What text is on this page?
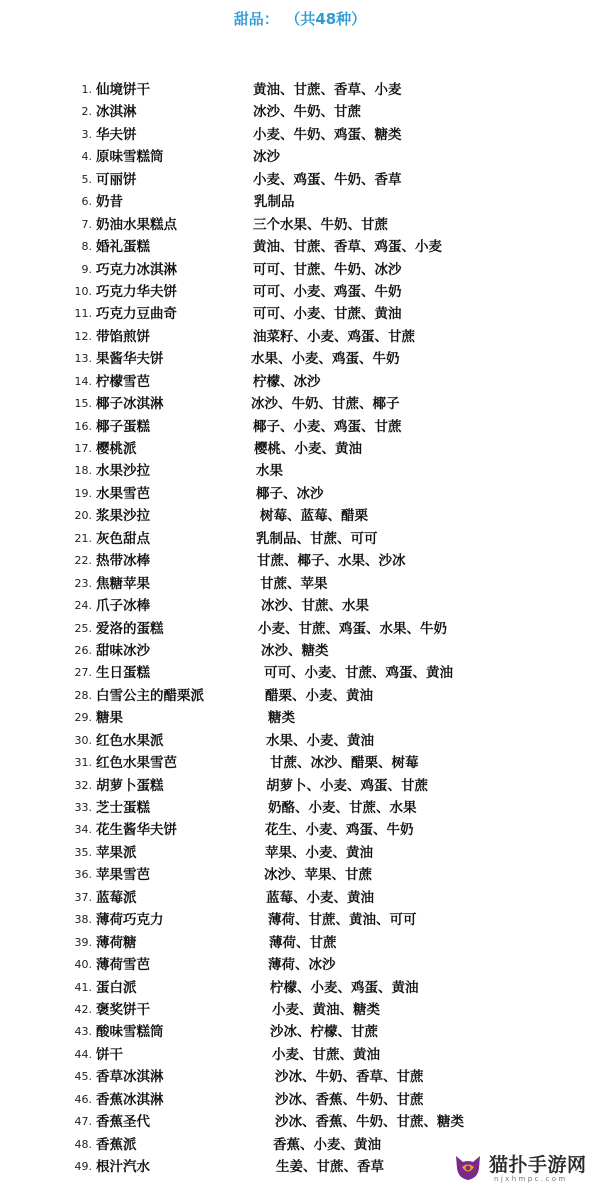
甜品： （共48种）
1. 仙境饼干	黄油、甘蔗、香草、小麦
2. 冰淇淋	冰沙、牛奶、甘蔗
3. 华夫饼	小麦、牛奶、鸡蛋、糖类
4. 原味雪糕筒	冰沙
5. 可丽饼	小麦、鸡蛋、牛奶、香草
6. 奶昔	乳制品
7. 奶油水果糕点	三个水果、牛奶、甘蔗
8. 婚礼蛋糕	黄油、甘蔗、香草、鸡蛋、小麦
9. 巧克力冰淇淋	可可、甘蔗、牛奶、冰沙
10. 巧克力华夫饼	可可、小麦、鸡蛋、牛奶
11. 巧克力豆曲奇	可可、小麦、甘蔗、黄油
12. 带馅煎饼	油菜籽、小麦、鸡蛋、甘蔗
13. 果酱华夫饼	水果、小麦、鸡蛋、牛奶
14. 柠檬雪芭	柠檬、冰沙
15. 椰子冰淇淋	冰沙、牛奶、甘蔗、椰子
16. 椰子蛋糕	椰子、小麦、鸡蛋、甘蔗
17. 樱桃派	樱桃、小麦、黄油
18. 水果沙拉	水果
19. 水果雪芭	椰子、冰沙
20. 浆果沙拉	树莓、蓝莓、醋栗
21. 灰色甜点	乳制品、甘蔗、可可
22. 热带冰棒	甘蔗、椰子、水果、沙冰
23. 焦糖苹果	甘蔗、苹果
24. 爪子冰棒	冰沙、甘蔗、水果
25. 爱洛的蛋糕	小麦、甘蔗、鸡蛋、水果、牛奶
26. 甜味冰沙	冰沙、糖类
27. 生日蛋糕	可可、小麦、甘蔗、鸡蛋、黄油
28. 白雪公主的醋栗派	醋栗、小麦、黄油
29. 糖果	糖类
30. 红色水果派	水果、小麦、黄油
31. 红色水果雪芭	甘蔗、冰沙、醋栗、树莓
32. 胡萝卜蛋糕	胡萝卜、小麦、鸡蛋、甘蔗
33. 芝士蛋糕	奶酪、小麦、甘蔗、水果
34. 花生酱华夫饼	花生、小麦、鸡蛋、牛奶
35. 苹果派	苹果、小麦、黄油
36. 苹果雪芭	冰沙、苹果、甘蔗
37. 蓝莓派	蓝莓、小麦、黄油
38. 薄荷巧克力	薄荷、甘蔗、黄油、可可
39. 薄荷糖	薄荷、甘蔗
40. 薄荷雪芭	薄荷、冰沙
41. 蛋白派	柠檬、小麦、鸡蛋、黄油
42. 褒奖饼干	小麦、黄油、糖类
43. 酸味雪糕筒	沙冰、柠檬、甘蔗
44. 饼干	小麦、甘蔗、黄油
45. 香草冰淇淋	沙冰、牛奶、香草、甘蔗
46. 香蕉冰淇淋	沙冰、香蕉、牛奶、甘蔗
47. 香蕉圣代	沙冰、香蕉、牛奶、甘蔗、糖类
48. 香蕉派	香蕉、小麦、黄油
49. 根汁汽水	生姜、甘蔗、香草	猫扑手游网
njxhmpc.com
